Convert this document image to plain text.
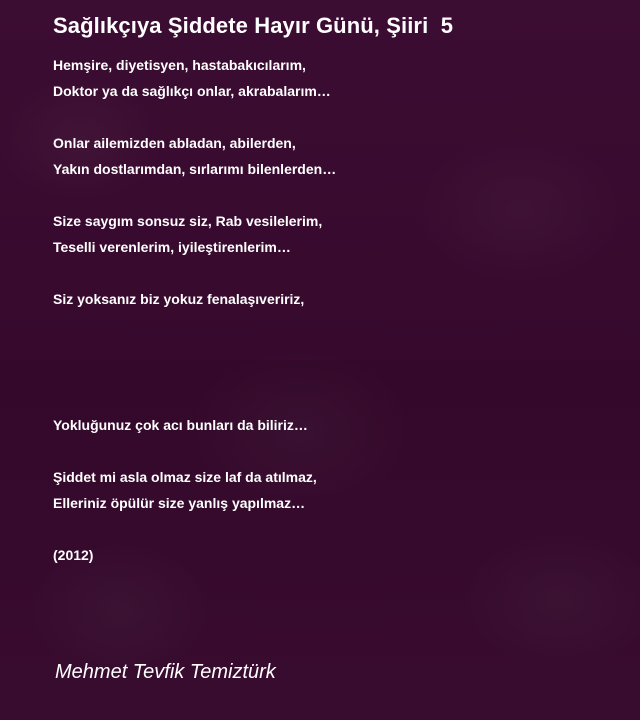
Sağlıkçıya Şiddete Hayır Günü, Şiiri  5

Hemşire, diyetisyen, hastabakıcılarım,
Doktor ya da sağlıkçı onlar, akrabalarım…

Onlar ailemizden abladan, abilerden,
Yakın dostlarımdan, sırlarımı bilenlerden…

Size saygım sonsuz siz, Rab vesilelerim,
Teselli verenlerim, iyileştirenlerim…

Siz yoksanız biz yokuz fenalaşıveririz,

Yokluğunuz çok acı bunları da biliriz…

Şiddet mi asla olmaz size laf da atılmaz,
Elleriniz öpülür size yanlış yapılmaz…

(2012)

Mehmet Tevfik Temiztürk
